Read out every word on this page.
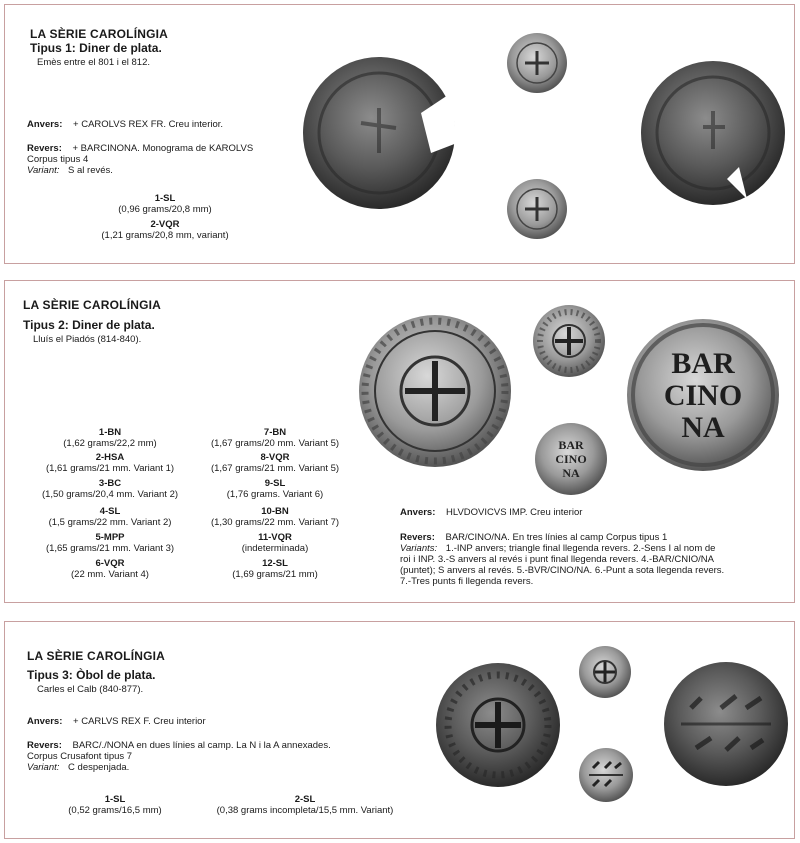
LA SÈRIE CAROLÍNGIA
Tipus 1: Diner de plata.
Emès entre el 801 i el 812.
Anvers: + CAROLVS REX FR. Creu interior.
Revers: + BARCINONA. Monograma de KAROLVS
Corpus tipus 4
Variant: S al revés.
1-SL
(0,96 grams/20,8 mm)
2-VQR
(1,21 grams/20,8 mm, variant)
LA SÈRIE CAROLÍNGIA
Tipus 2: Diner de plata.
Lluís el Piadós (814-840).
1-BN
(1,62 grams/22,2 mm)
2-HSA
(1,61 grams/21 mm. Variant 1)
3-BC
(1,50 grams/20,4 mm. Variant 2)
4-SL
(1,5 grams/22 mm. Variant 2)
5-MPP
(1,65 grams/21 mm. Variant 3)
6-VQR
(22 mm. Variant 4)
7-BN
(1,67 grams/20 mm. Variant 5)
8-VQR
(1,67 grams/21 mm. Variant 5)
9-SL
(1,76 grams. Variant 6)
10-BN
(1,30 grams/22 mm. Variant 7)
11-VQR
(indeterminada)
12-SL
(1,69 grams/21 mm)
Anvers: HLVDOVICVS IMP. Creu interior
Revers: BAR/CINO/NA. En tres línies al camp Corpus tipus 1
Variants: 1.-INP anvers; triangle final llegenda revers. 2.-Sens I al nom de
roi i INP. 3.-S anvers al revés i punt final llegenda revers. 4.-BAR/CNIO/NA
(puntet); S anvers al revés. 5.-BVR/CINO/NA. 6.-Punt a sota llegenda revers.
7.-Tres punts fi llegenda revers.
BAR
CINO
NA
BAR
CINO
NA
LA SÈRIE CAROLÍNGIA
Tipus 3: Òbol de plata.
Carles el Calb (840-877).
Anvers: + CARLVS REX F. Creu interior
Revers: BARC/./NONA en dues línies al camp. La N i la A annexades.
Corpus Crusafont tipus 7
Variant: C despenjada.
1-SL
(0,52 grams/16,5 mm)
2-SL
(0,38 grams incompleta/15,5 mm. Variant)
